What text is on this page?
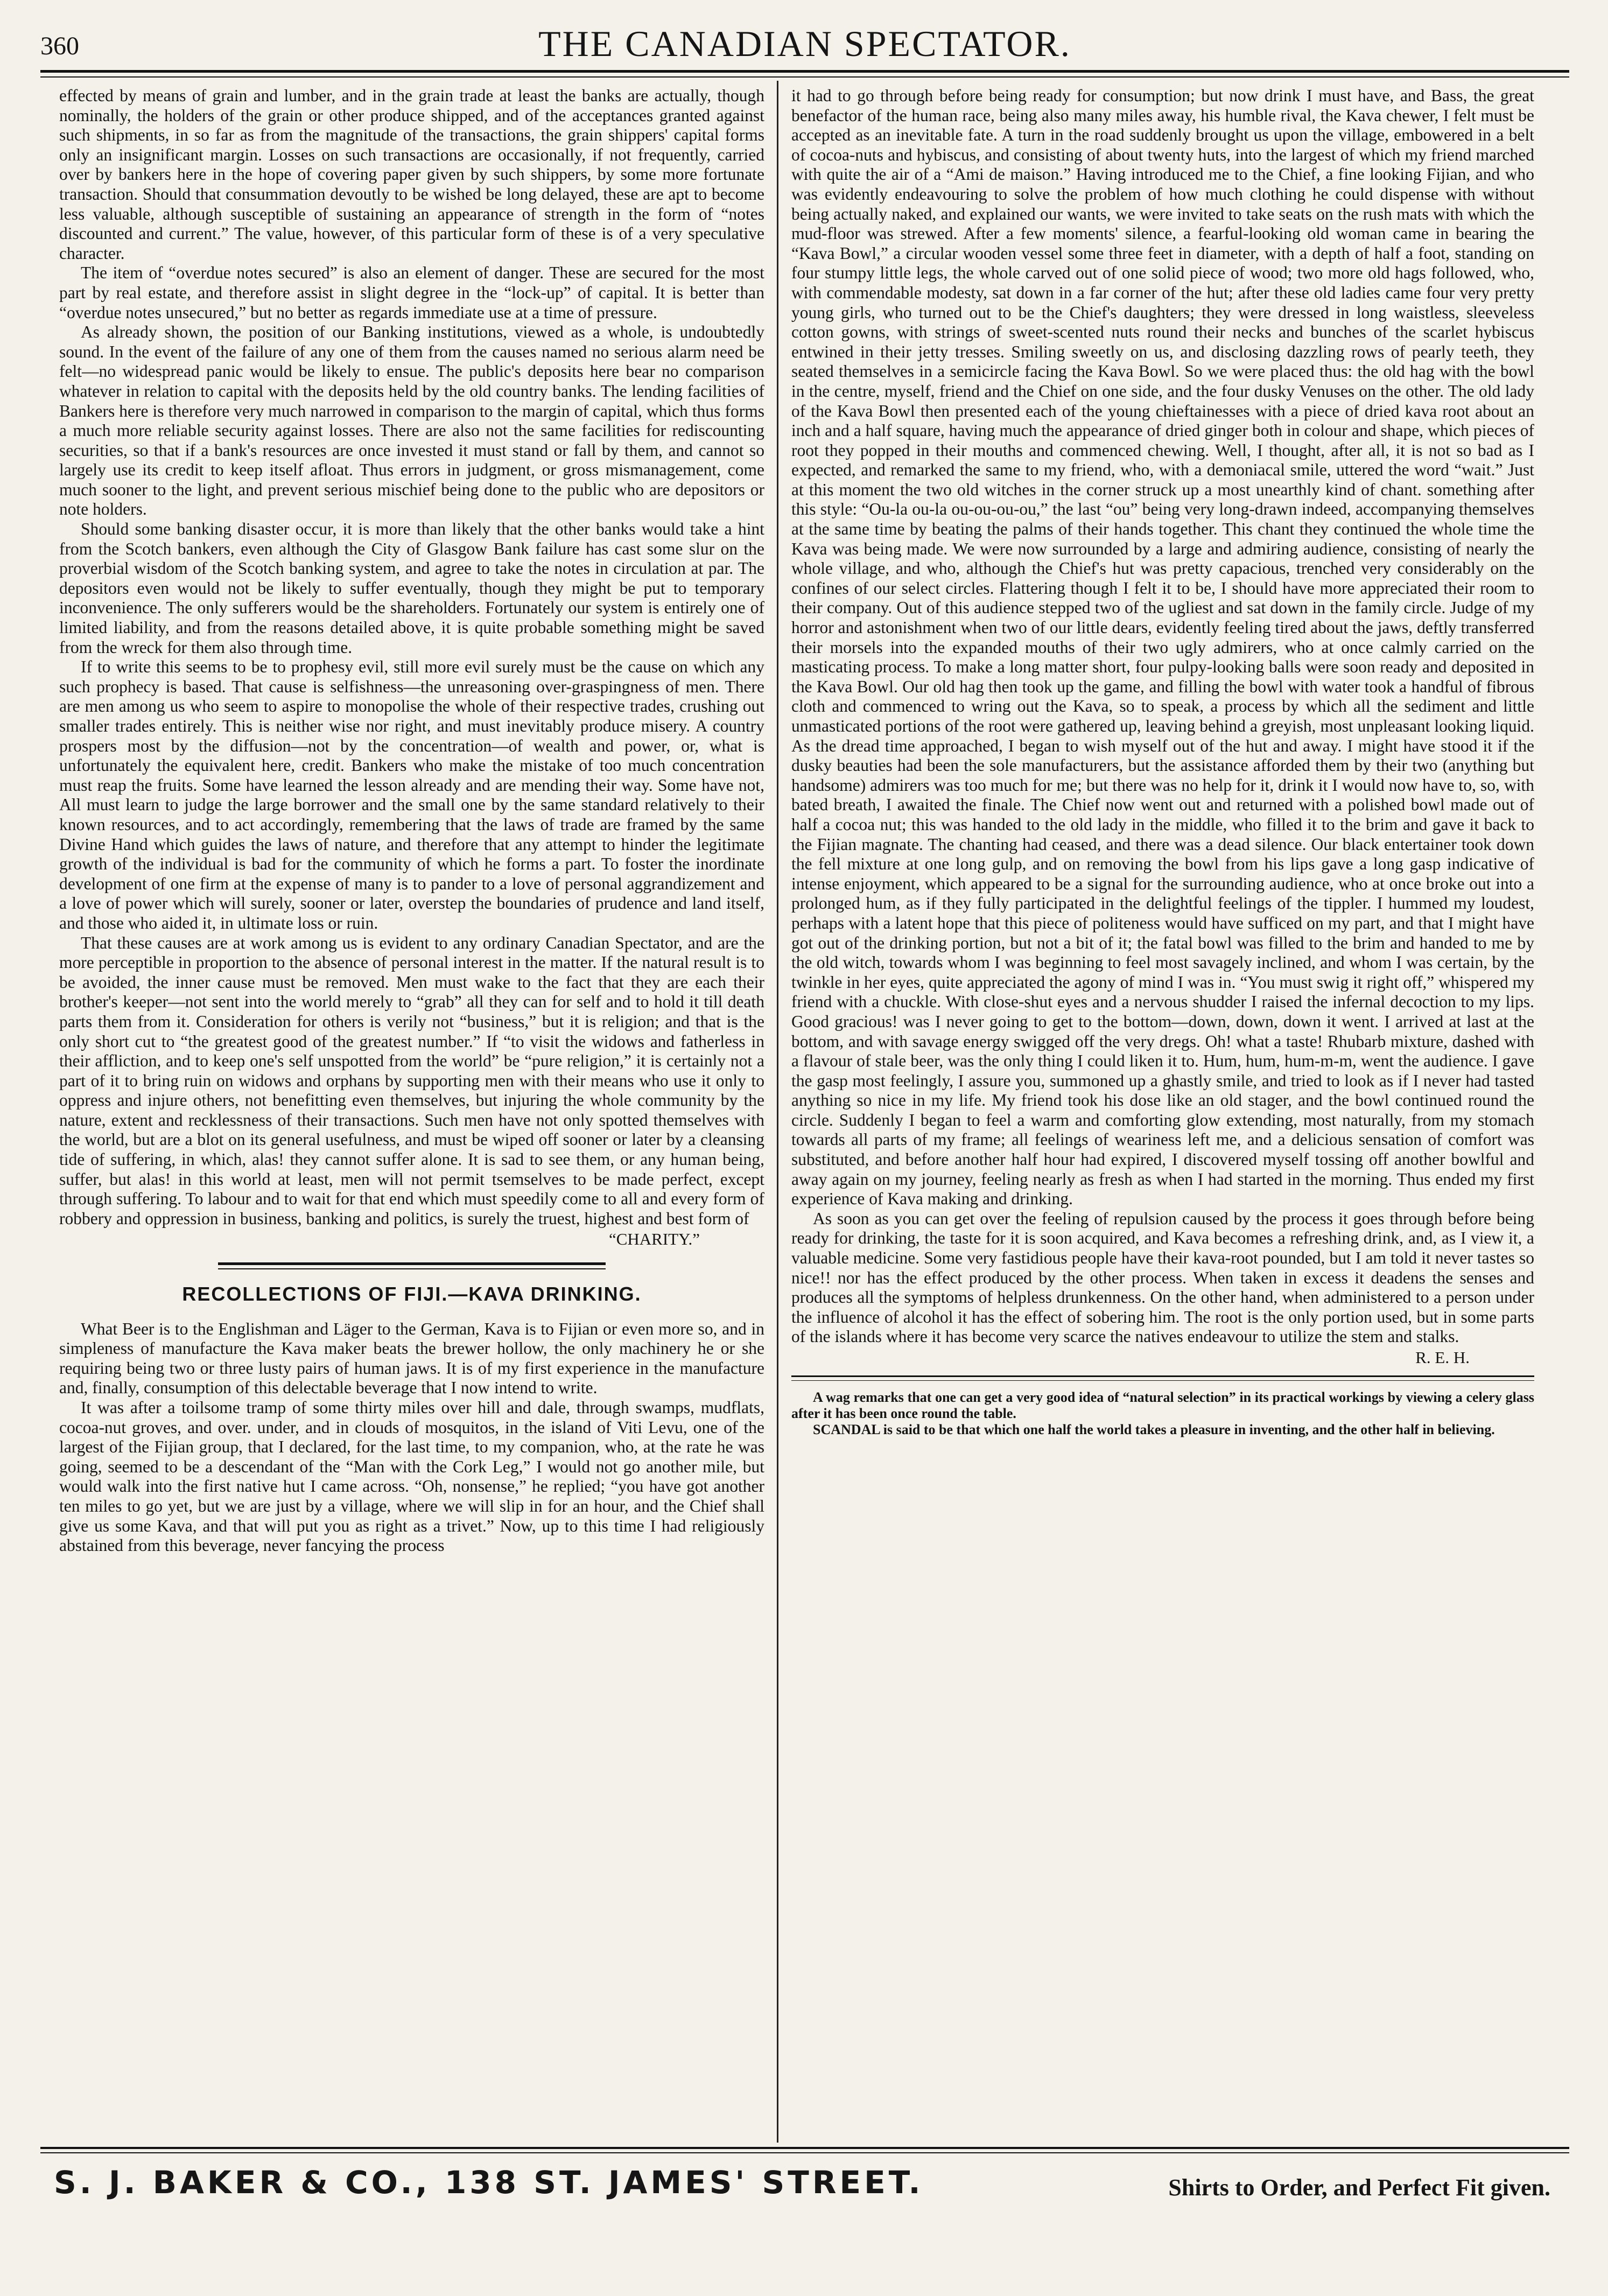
360	THE CANADIAN SPECTATOR.

effected by means of grain and lumber, and in the grain trade at least the banks are actually, though nominally, the holders of the grain or other produce shipped, and of the acceptances granted against such shipments, in so far as from the magnitude of the transactions, the grain shippers' capital forms only an insignificant margin. Losses on such transactions are occasionally, if not frequently, carried over by bankers here in the hope of covering paper given by such shippers, by some more fortunate transaction. Should that consummation devoutly to be wished be long delayed, these are apt to become less valuable, although susceptible of sustaining an appearance of strength in the form of “notes discounted and current.” The value, however, of this particular form of these is of a very speculative character.

The item of “overdue notes secured” is also an element of danger. These are secured for the most part by real estate, and therefore assist in slight degree in the “lock-up” of capital. It is better than “overdue notes unsecured,” but no better as regards immediate use at a time of pressure.

As already shown, the position of our Banking institutions, viewed as a whole, is undoubtedly sound. In the event of the failure of any one of them from the causes named no serious alarm need be felt—no widespread panic would be likely to ensue. The public's deposits here bear no comparison whatever in relation to capital with the deposits held by the old country banks. The lending facilities of Bankers here is therefore very much narrowed in comparison to the margin of capital, which thus forms a much more reliable security against losses. There are also not the same facilities for rediscounting securities, so that if a bank's resources are once invested it must stand or fall by them, and cannot so largely use its credit to keep itself afloat. Thus errors in judgment, or gross mismanagement, come much sooner to the light, and prevent serious mischief being done to the public who are depositors or note holders.

Should some banking disaster occur, it is more than likely that the other banks would take a hint from the Scotch bankers, even although the City of Glasgow Bank failure has cast some slur on the proverbial wisdom of the Scotch banking system, and agree to take the notes in circulation at par. The depositors even would not be likely to suffer eventually, though they might be put to temporary inconvenience. The only sufferers would be the shareholders. Fortunately our system is entirely one of limited liability, and from the reasons detailed above, it is quite probable something might be saved from the wreck for them also through time.

If to write this seems to be to prophesy evil, still more evil surely must be the cause on which any such prophecy is based. That cause is selfishness—the unreasoning over-graspingness of men. There are men among us who seem to aspire to monopolise the whole of their respective trades, crushing out smaller trades entirely. This is neither wise nor right, and must inevitably produce misery. A country prospers most by the diffusion—not by the concentration—of wealth and power, or, what is unfortunately the equivalent here, credit. Bankers who make the mistake of too much concentration must reap the fruits. Some have learned the lesson already and are mending their way. Some have not, All must learn to judge the large borrower and the small one by the same standard relatively to their known resources, and to act accordingly, remembering that the laws of trade are framed by the same Divine Hand which guides the laws of nature, and therefore that any attempt to hinder the legitimate growth of the individual is bad for the community of which he forms a part. To foster the inordinate development of one firm at the expense of many is to pander to a love of personal aggrandizement and a love of power which will surely, sooner or later, overstep the boundaries of prudence and land itself, and those who aided it, in ultimate loss or ruin.

That these causes are at work among us is evident to any ordinary Canadian Spectator, and are the more perceptible in proportion to the absence of personal interest in the matter. If the natural result is to be avoided, the inner cause must be removed. Men must wake to the fact that they are each their brother's keeper—not sent into the world merely to “grab” all they can for self and to hold it till death parts them from it. Consideration for others is verily not “business,” but it is religion; and that is the only short cut to “the greatest good of the greatest number.” If “to visit the widows and fatherless in their affliction, and to keep one's self unspotted from the world” be “pure religion,” it is certainly not a part of it to bring ruin on widows and orphans by supporting men with their means who use it only to oppress and injure others, not benefitting even themselves, but injuring the whole community by the nature, extent and recklessness of their transactions. Such men have not only spotted themselves with the world, but are a blot on its general usefulness, and must be wiped off sooner or later by a cleansing tide of suffering, in which, alas! they cannot suffer alone. It is sad to see them, or any human being, suffer, but alas! in this world at least, men will not permit tsemselves to be made perfect, except through suffering. To labour and to wait for that end which must speedily come to all and every form of robbery and oppression in business, banking and politics, is surely the truest, highest and best form of

“CHARITY.”
RECOLLECTIONS OF FIJI.—KAVA DRINKING.

What Beer is to the Englishman and Läger to the German, Kava is to Fijian or even more so, and in simpleness of manufacture the Kava maker beats the brewer hollow, the only machinery he or she requiring being two or three lusty pairs of human jaws. It is of my first experience in the manufacture and, finally, consumption of this delectable beverage that I now intend to write.

It was after a toilsome tramp of some thirty miles over hill and dale, through swamps, mudflats, cocoa-nut groves, and over. under, and in clouds of mosquitos, in the island of Viti Levu, one of the largest of the Fijian group, that I declared, for the last time, to my companion, who, at the rate he was going, seemed to be a descendant of the “Man with the Cork Leg,” I would not go another mile, but would walk into the first native hut I came across. “Oh, nonsense,” he replied; “you have got another ten miles to go yet, but we are just by a village, where we will slip in for an hour, and the Chief shall give us some Kava, and that will put you as right as a trivet.” Now, up to this time I had religiously abstained from this beverage, never fancying the process

it had to go through before being ready for consumption; but now drink I must have, and Bass, the great benefactor of the human race, being also many miles away, his humble rival, the Kava chewer, I felt must be accepted as an inevitable fate. A turn in the road suddenly brought us upon the village, embowered in a belt of cocoa-nuts and hybiscus, and consisting of about twenty huts, into the largest of which my friend marched with quite the air of a “Ami de maison.” Having introduced me to the Chief, a fine looking Fijian, and who was evidently endeavouring to solve the problem of how much clothing he could dispense with without being actually naked, and explained our wants, we were invited to take seats on the rush mats with which the mud-floor was strewed. After a few moments' silence, a fearful-looking old woman came in bearing the “Kava Bowl,” a circular wooden vessel some three feet in diameter, with a depth of half a foot, standing on four stumpy little legs, the whole carved out of one solid piece of wood; two more old hags followed, who, with commendable modesty, sat down in a far corner of the hut; after these old ladies came four very pretty young girls, who turned out to be the Chief's daughters; they were dressed in long waistless, sleeveless cotton gowns, with strings of sweet-scented nuts round their necks and bunches of the scarlet hybiscus entwined in their jetty tresses. Smiling sweetly on us, and disclosing dazzling rows of pearly teeth, they seated themselves in a semicircle facing the Kava Bowl. So we were placed thus: the old hag with the bowl in the centre, myself, friend and the Chief on one side, and the four dusky Venuses on the other. The old lady of the Kava Bowl then presented each of the young chieftainesses with a piece of dried kava root about an inch and a half square, having much the appearance of dried ginger both in colour and shape, which pieces of root they popped in their mouths and commenced chewing. Well, I thought, after all, it is not so bad as I expected, and remarked the same to my friend, who, with a demoniacal smile, uttered the word “wait.” Just at this moment the two old witches in the corner struck up a most unearthly kind of chant. something after this style: “Ou-la ou-la ou-ou-ou-ou,” the last “ou” being very long-drawn indeed, accompanying themselves at the same time by beating the palms of their hands together. This chant they continued the whole time the Kava was being made. We were now surrounded by a large and admiring audience, consisting of nearly the whole village, and who, although the Chief's hut was pretty capacious, trenched very considerably on the confines of our select circles. Flattering though I felt it to be, I should have more appreciated their room to their company. Out of this audience stepped two of the ugliest and sat down in the family circle. Judge of my horror and astonishment when two of our little dears, evidently feeling tired about the jaws, deftly transferred their morsels into the expanded mouths of their two ugly admirers, who at once calmly carried on the masticating process. To make a long matter short, four pulpy-looking balls were soon ready and deposited in the Kava Bowl. Our old hag then took up the game, and filling the bowl with water took a handful of fibrous cloth and commenced to wring out the Kava, so to speak, a process by which all the sediment and little unmasticated portions of the root were gathered up, leaving behind a greyish, most unpleasant looking liquid. As the dread time approached, I began to wish myself out of the hut and away. I might have stood it if the dusky beauties had been the sole manufacturers, but the assistance afforded them by their two (anything but handsome) admirers was too much for me; but there was no help for it, drink it I would now have to, so, with bated breath, I awaited the finale. The Chief now went out and returned with a polished bowl made out of half a cocoa nut; this was handed to the old lady in the middle, who filled it to the brim and gave it back to the Fijian magnate. The chanting had ceased, and there was a dead silence. Our black entertainer took down the fell mixture at one long gulp, and on removing the bowl from his lips gave a long gasp indicative of intense enjoyment, which appeared to be a signal for the surrounding audience, who at once broke out into a prolonged hum, as if they fully participated in the delightful feelings of the tippler. I hummed my loudest, perhaps with a latent hope that this piece of politeness would have sufficed on my part, and that I might have got out of the drinking portion, but not a bit of it; the fatal bowl was filled to the brim and handed to me by the old witch, towards whom I was beginning to feel most savagely inclined, and whom I was certain, by the twinkle in her eyes, quite appreciated the agony of mind I was in. “You must swig it right off,” whispered my friend with a chuckle. With close-shut eyes and a nervous shudder I raised the infernal decoction to my lips. Good gracious! was I never going to get to the bottom—down, down, down it went. I arrived at last at the bottom, and with savage energy swigged off the very dregs. Oh! what a taste! Rhubarb mixture, dashed with a flavour of stale beer, was the only thing I could liken it to. Hum, hum, hum-m-m, went the audience. I gave the gasp most feelingly, I assure you, summoned up a ghastly smile, and tried to look as if I never had tasted anything so nice in my life. My friend took his dose like an old stager, and the bowl continued round the circle. Suddenly I began to feel a warm and comforting glow extending, most naturally, from my stomach towards all parts of my frame; all feelings of weariness left me, and a delicious sensation of comfort was substituted, and before another half hour had expired, I discovered myself tossing off another bowlful and away again on my journey, feeling nearly as fresh as when I had started in the morning. Thus ended my first experience of Kava making and drinking.

As soon as you can get over the feeling of repulsion caused by the process it goes through before being ready for drinking, the taste for it is soon acquired, and Kava becomes a refreshing drink, and, as I view it, a valuable medicine. Some very fastidious people have their kava-root pounded, but I am told it never tastes so nice!! nor has the effect produced by the other process. When taken in excess it deadens the senses and produces all the symptoms of helpless drunkenness. On the other hand, when administered to a person under the influence of alcohol it has the effect of sobering him. The root is the only portion used, but in some parts of the islands where it has become very scarce the natives endeavour to utilize the stem and stalks.

R. E. H.

A wag remarks that one can get a very good idea of “natural selection” in its practical workings by viewing a celery glass after it has been once round the table.

SCANDAL is said to be that which one half the world takes a pleasure in inventing, and the other half in believing.

S. J. BAKER & CO., 138 ST. JAMES' STREET.	Shirts to Order, and Perfect Fit given.
